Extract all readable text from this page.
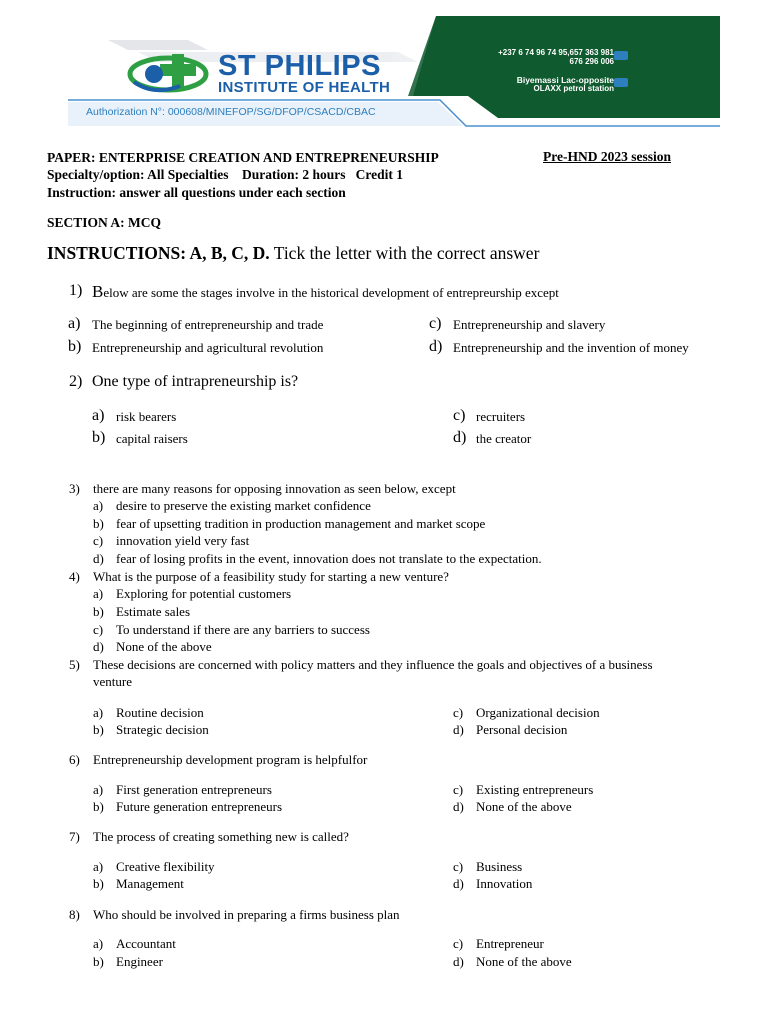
ST PHILIPS
INSTITUTE OF HEALTH
Authorization N°: 000608/MINEFOP/SG/DFOP/CSACD/CBAC
+237 6 74 96 74 95,657 363 981
676 296 006
Biyemassi Lac-opposite
OLAXX petrol station
PAPER: ENTERPRISE CREATION AND ENTREPRENEURSHIP	Pre-HND 2023 session
Specialty/option: All Specialties    Duration: 2 hours   Credit 1
Instruction: answer all questions under each section
SECTION A: MCQ
INSTRUCTIONS: A, B, C, D. Tick the letter with the correct answer
1) Below are some the stages involve in the historical development of entrepreurship except
a) The beginning of entrepreneurship and trade
b) Entrepreneurship and agricultural revolution
c) Entrepreneurship and slavery
d) Entrepreneurship and the invention of money
2) One type of intrapreneurship is?
a) risk bearers
b) capital raisers
c) recruiters
d) the creator
3) there are many reasons for opposing innovation as seen below, except
a) desire to preserve the existing market confidence
b) fear of upsetting tradition in production management and market scope
c) innovation yield very fast
d) fear of losing profits in the event, innovation does not translate to the expectation.
4) What is the purpose of a feasibility study for starting a new venture?
a) Exploring for potential customers
b) Estimate sales
c) To understand if there are any barriers to success
d) None of the above
5) These decisions are concerned with policy matters and they influence the goals and objectives of a business
venture
a) Routine decision
b) Strategic decision
c) Organizational decision
d) Personal decision
6) Entrepreneurship development program is helpfulfor
a) First generation entrepreneurs
b) Future generation entrepreneurs
c) Existing entrepreneurs
d) None of the above
7) The process of creating something new is called?
a) Creative flexibility
b) Management
c) Business
d) Innovation
8) Who should be involved in preparing a firms business plan
a) Accountant
b) Engineer
c) Entrepreneur
d) None of the above
